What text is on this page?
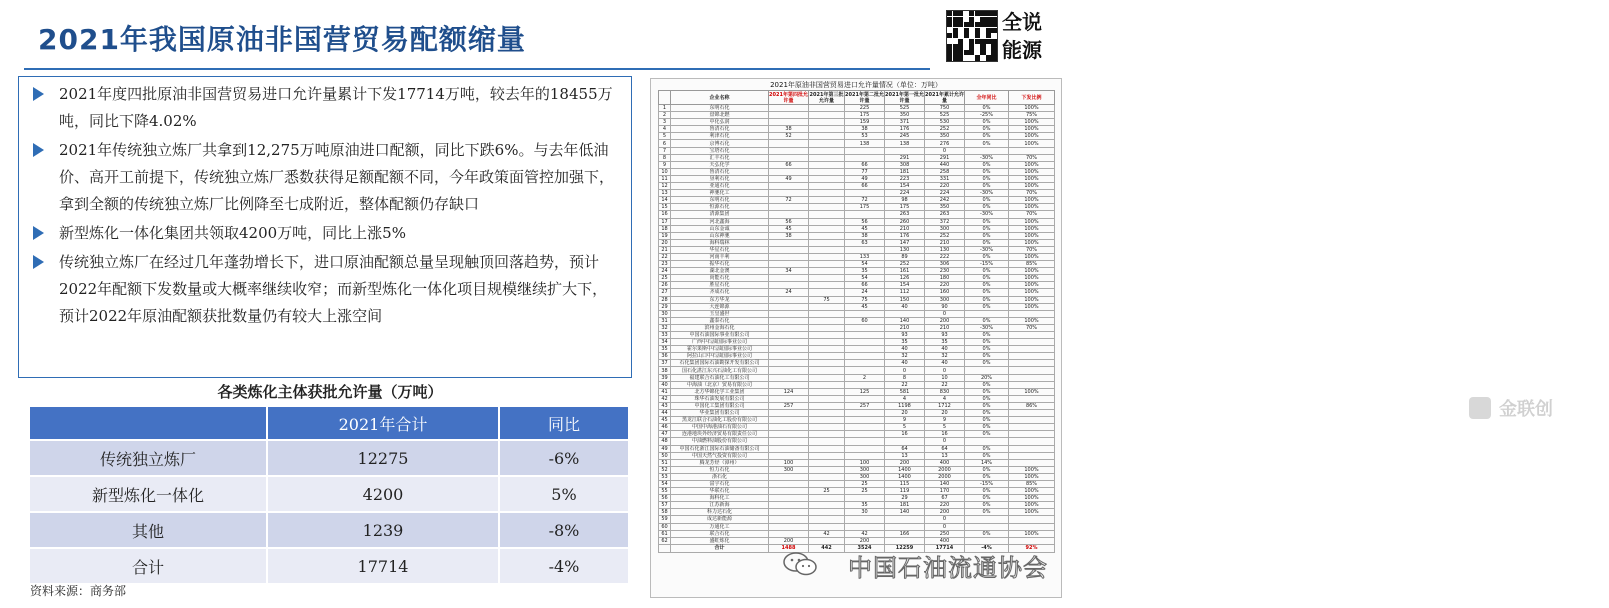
2021年我国原油非国营贸易配额缩量
全说
能源
2021年度四批原油非国营贸易进口允许量累计下发17714万吨，较去年的18455万吨，同比下降4.02%
2021年传统独立炼厂共拿到12,275万吨原油进口配额，同比下跌6%。与去年低油价、高开工前提下，传统独立炼厂悉数获得足额配额不同，今年政策面管控加强下，拿到全额的传统独立炼厂比例降至七成附近，整体配额仍存缺口
新型炼化一体化集团共领取4200万吨，同比上涨5%
传统独立炼厂在经过几年蓬勃增长下，进口原油配额总量呈现触顶回落趋势，预计2022年配额下发数量或大概率继续收窄；而新型炼化一体化项目规模继续扩大下，预计2022年原油配额获批数量仍有较大上涨空间
各类炼化主体获批允许量（万吨）
	2021年合计	同比
传统独立炼厂	12275	-6%
新型炼化一体化	4200	5%
其他	1239	-8%
合计	17714	-4%
资料来源：商务部
2021年原油非国营贸易进口允许量情况（单位：万吨）
	企业名称	2021年第四批允许量	2021年第三批允许量	2021年第二批允许量	2021年第一批允许量	2021年累计允许量	全年同比	下发比例
1	东明石化			225	525	750	0%	100%
2	盘锦北燃			175	350	525	-25%	75%
3	中化弘润			159	371	530	0%	100%
4	鲁清石化	38		38	176	252	0%	100%
5	利津石化	52		53	245	350	0%	100%
6	京博石化			138	138	276	0%	100%
7	宝塔石化					0		
8	汇丰石化				291	291	-30%	70%
9	天弘化学	66		66	308	440	0%	100%
10	鲁清石化			77	181	258	0%	100%
11	垦利石化	49		49	223	331	0%	100%
12	亚通石化			66	154	220	0%	100%
13	神驰化工				224	224	-30%	70%
14	东明石化	72		72	98	242	0%	100%
15	恒源石化			175	175	350	0%	100%
16	清源集团				263	263	-30%	70%
17	河北鑫海	56		56	260	372	0%	100%
18	山东金诚	45		45	210	300	0%	100%
19	山东神驰	38		38	176	252	0%	100%
20	海科瑞林			63	147	210	0%	100%
21	华星石化				130	130	-30%	70%
22	河南丰利			133	89	222	0%	100%
23	振华石化			54	252	306	-15%	85%
24	湖北金澳	34		35	161	230	0%	100%
25	尚能石化			54	126	180	0%	100%
26	胜星石化			66	154	220	0%	100%
27	齐成石化	24		24	112	160	0%	100%
28	东方华龙		75	75	150	300	0%	100%
29	大连锦源			45	40	90	0%	100%
30	玉皇盛世					0		
31	鑫泰石化			60	140	200	0%	100%
32	滨州金海石化				210	210	-30%	70%
33	中国石油国际事业有限公司				93	93	0%	
34	广西中石油国际事业公司				35	35	0%	
35	霍尔果斯中石油国际事业公司				40	40	0%	
36	阿拉山口中石油国际事业公司				32	32	0%	
37	石化集团国际石油勘探开发有限公司				40	40	0%	
38	国石化湛江东兴石油化工有限公司				0	0		
39	福建联合石油化工有限公司			2	8	10	20%	
40	中海油（北京）贸易有限公司				22	22	0%	
41	北方华锦化学工业集团	124		125	581	830	0%	100%
42	珠华石油发展有限公司				4	4	0%	
43	中国化工集团有限公司	257		257	1198	1712	0%	86%
44	华业集团有限公司				20	20	0%	
45	黑龙江联合石油化工股份有限公司				9	9	0%	
46	中国中海港油石有限公司				5	5	0%	
47	连港地块外经济贸易有限责任公司				16	16	0%	
48	中油燃料油股份有限公司					0		
49	中国石化浙江国际石油储备有限公司				64	64	0%	
50	中国天然气投资有限公司				13	13	0%	
51	腾龙芳烃（漳州）	100		100	200	400	14%	
52	恒力石化	300		300	1400	2000	0%	100%
53	浙石化			300	1400	2000	0%	100%
54	富宇石化			25	115	140	-15%	85%
55	华联石化		25	25	119	170	0%	100%
56	海科化工				29	67	0%	100%
57	江苏新海			35	181	220	0%	100%
58	科力达石化			30	140	200	0%	100%
59	成达新能源					0		
60	万通化工					0		
61	联合石化		42	42	166	250	0%	100%
62	盛虹炼化	200		200		400		
	合计	1488	442	3524	12259	17714	-4%	92%
金联创
中国石油流通协会
